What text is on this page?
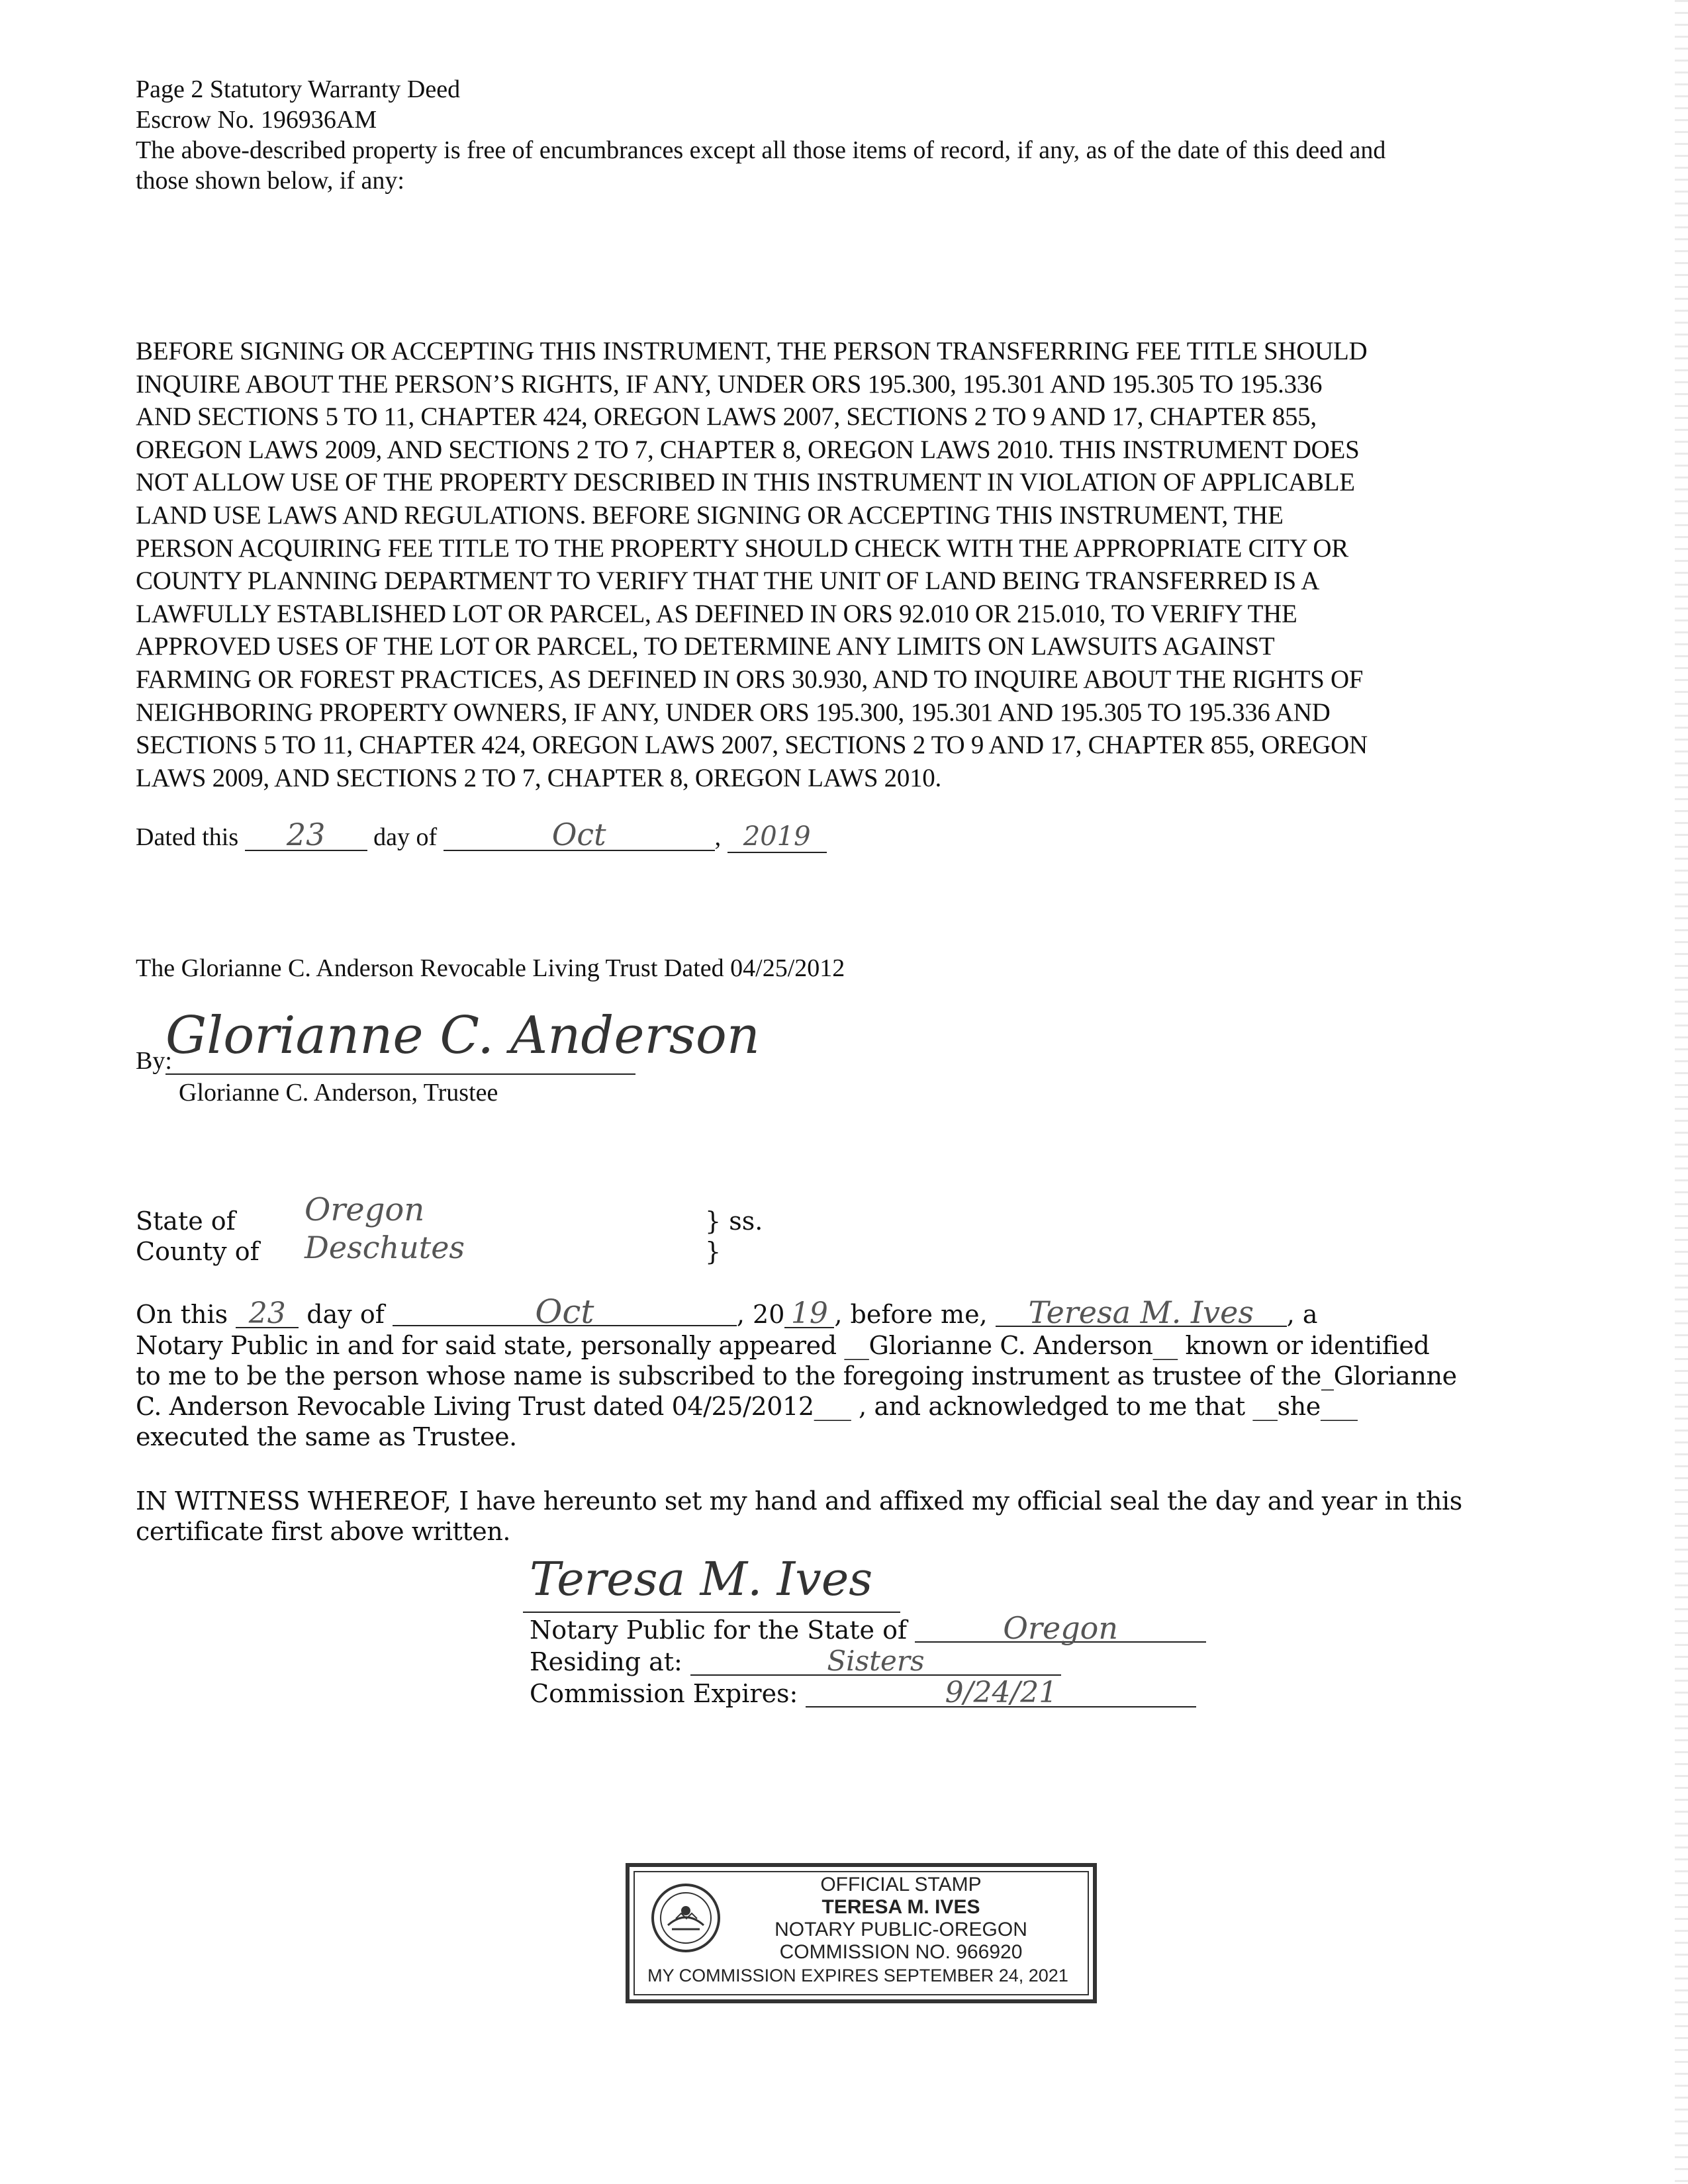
Page 2 Statutory Warranty Deed
Escrow No. 196936AM
The above-described property is free of encumbrances except all those items of record, if any, as of the date of this deed and
those shown below, if any:
BEFORE SIGNING OR ACCEPTING THIS INSTRUMENT, THE PERSON TRANSFERRING FEE TITLE SHOULD
INQUIRE ABOUT THE PERSON’S RIGHTS, IF ANY, UNDER ORS 195.300, 195.301 AND 195.305 TO 195.336
AND SECTIONS 5 TO 11, CHAPTER 424, OREGON LAWS 2007, SECTIONS 2 TO 9 AND 17, CHAPTER 855,
OREGON LAWS 2009, AND SECTIONS 2 TO 7, CHAPTER 8, OREGON LAWS 2010. THIS INSTRUMENT DOES
NOT ALLOW USE OF THE PROPERTY DESCRIBED IN THIS INSTRUMENT IN VIOLATION OF APPLICABLE
LAND USE LAWS AND REGULATIONS. BEFORE SIGNING OR ACCEPTING THIS INSTRUMENT, THE
PERSON ACQUIRING FEE TITLE TO THE PROPERTY SHOULD CHECK WITH THE APPROPRIATE CITY OR
COUNTY PLANNING DEPARTMENT TO VERIFY THAT THE UNIT OF LAND BEING TRANSFERRED IS A
LAWFULLY ESTABLISHED LOT OR PARCEL, AS DEFINED IN ORS 92.010 OR 215.010, TO VERIFY THE
APPROVED USES OF THE LOT OR PARCEL, TO DETERMINE ANY LIMITS ON LAWSUITS AGAINST
FARMING OR FOREST PRACTICES, AS DEFINED IN ORS 30.930, AND TO INQUIRE ABOUT THE RIGHTS OF
NEIGHBORING PROPERTY OWNERS, IF ANY, UNDER ORS 195.300, 195.301 AND 195.305 TO 195.336 AND
SECTIONS 5 TO 11, CHAPTER 424, OREGON LAWS 2007, SECTIONS 2 TO 9 AND 17, CHAPTER 855, OREGON
LAWS 2009, AND SECTIONS 2 TO 7, CHAPTER 8, OREGON LAWS 2010.
Dated this 23 day of	Oct	, 2019
The Glorianne C. Anderson Revocable Living Trust Dated 04/25/2012
By:
Glorianne C. Anderson
Glorianne C. Anderson, Trustee
State of Oregon	} ss.
County of Deschutes	}
On this 23 day of	Oct	, 20 19 , before me, Teresa M. Ives , a
Notary Public in and for said state, personally appeared __Glorianne C. Anderson__ known or identified
to me to be the person whose name is subscribed to the foregoing instrument as trustee of the_Glorianne
C. Anderson Revocable Living Trust dated 04/25/2012___ , and acknowledged to me that __she___
executed the same as Trustee.
IN WITNESS WHEREOF, I have hereunto set my hand and affixed my official seal the day and year in this
certificate first above written.
Teresa M. Ives
Notary Public for the State of	Oregon
Residing at:	Sisters
Commission Expires:	9/24/21
OFFICIAL STAMP
TERESA M. IVES
NOTARY PUBLIC-OREGON
COMMISSION NO. 966920
MY COMMISSION EXPIRES SEPTEMBER 24, 2021
